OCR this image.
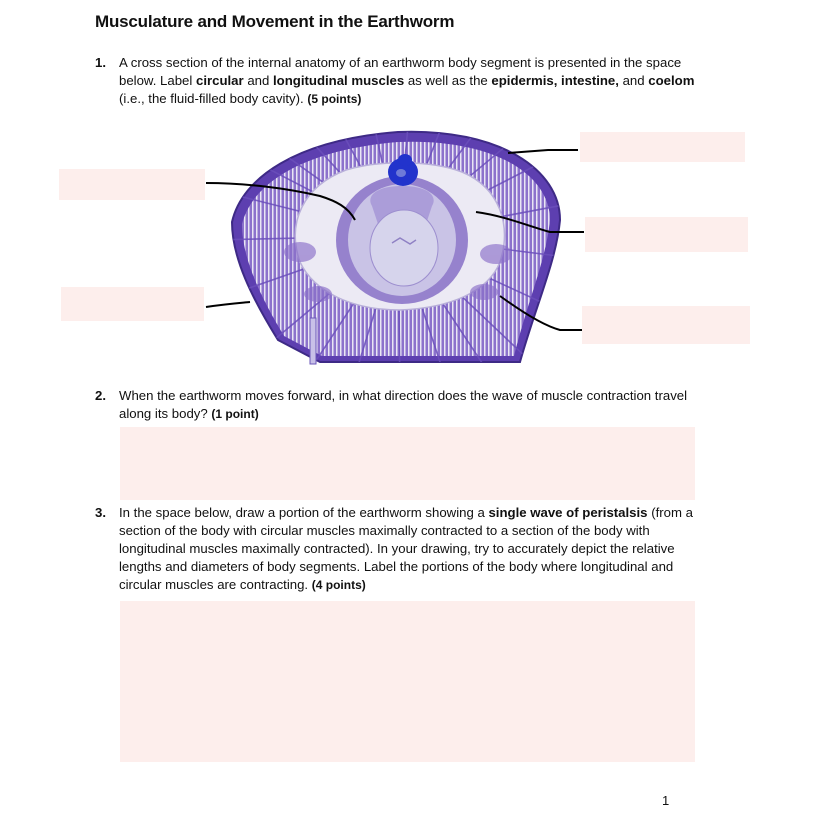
Musculature and Movement in the Earthworm
1. A cross section of the internal anatomy of an earthworm body segment is presented in the space below. Label circular and longitudinal muscles as well as the epidermis, intestine, and coelom (i.e., the fluid-filled body cavity). (5 points)
2. When the earthworm moves forward, in what direction does the wave of muscle contraction travel along its body? (1 point)
3. In the space below, draw a portion of the earthworm showing a single wave of peristalsis (from a section of the body with circular muscles maximally contracted to a section of the body with longitudinal muscles maximally contracted). In your drawing, try to accurately depict the relative lengths and diameters of body segments. Label the portions of the body where longitudinal and circular muscles are contracting. (4 points)
1
